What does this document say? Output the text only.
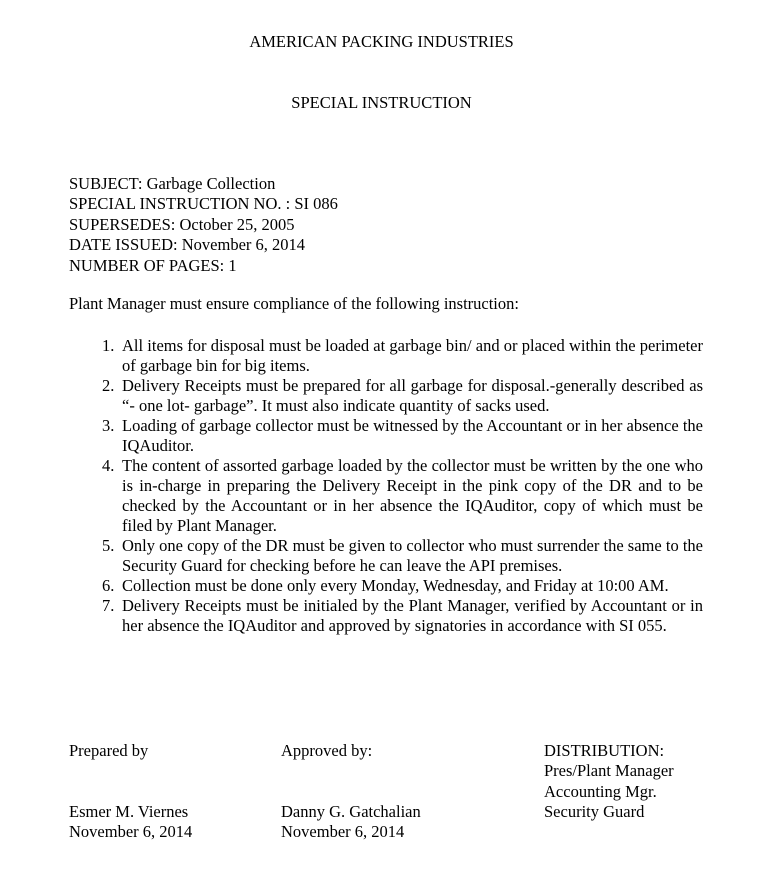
AMERICAN PACKING INDUSTRIES
SPECIAL INSTRUCTION
SUBJECT: Garbage Collection
SPECIAL INSTRUCTION NO. : SI 086
SUPERSEDES: October 25, 2005
DATE ISSUED: November 6, 2014
NUMBER OF PAGES: 1
Plant Manager must ensure compliance of the following instruction:
1. All items for disposal must be loaded at garbage bin/ and or placed within the perimeter of garbage bin for big items.
2. Delivery Receipts must be prepared for all garbage for disposal.-generally described as “- one lot- garbage”. It must also indicate quantity of sacks used.
3. Loading of garbage collector must be witnessed by the Accountant or in her absence the IQAuditor.
4. The content of assorted garbage loaded by the collector must be written by the one who is in-charge in preparing the Delivery Receipt in the pink copy of the DR and to be checked by the Accountant or in her absence the IQAuditor, copy of which must be filed by Plant Manager.
5. Only one copy of the DR must be given to collector who must surrender the same to the Security Guard for checking before he can leave the API premises.
6. Collection must be done only every Monday, Wednesday, and Friday at 10:00 AM.
7. Delivery Receipts must be initialed by the Plant Manager, verified by Accountant or in her absence the IQAuditor and approved by signatories in accordance with SI 055.
Prepared by
Esmer M. Viernes
November 6, 2014
Approved by:
Danny G. Gatchalian
November 6, 2014
DISTRIBUTION:
Pres/Plant Manager
Accounting Mgr.
Security Guard
